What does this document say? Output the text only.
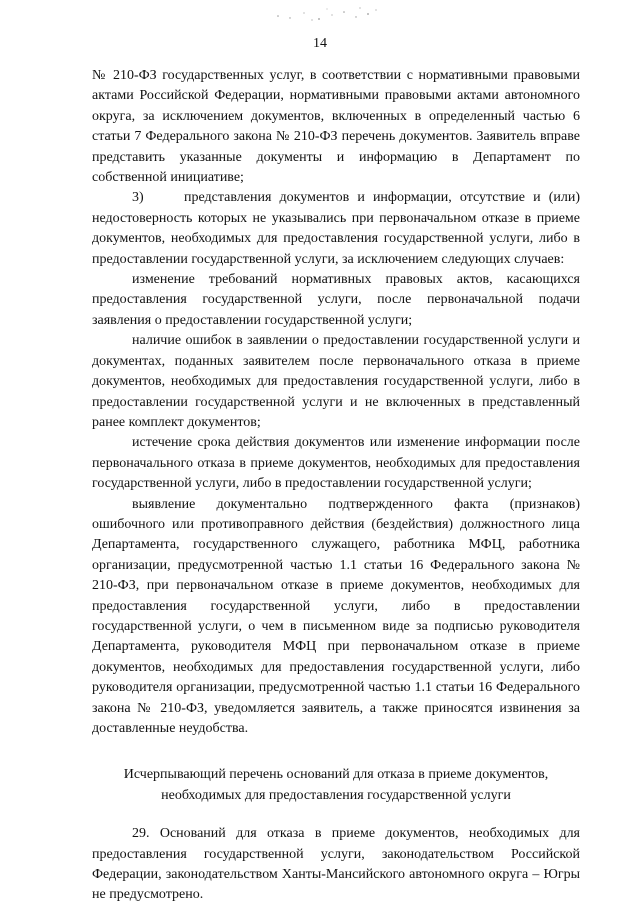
14

№ 210-ФЗ государственных услуг, в соответствии с нормативными правовыми актами Российской Федерации, нормативными правовыми актами автономного округа, за исключением документов, включенных в определенный частью 6 статьи 7 Федерального закона № 210-ФЗ перечень документов. Заявитель вправе представить указанные документы и информацию в Департамент по собственной инициативе;

3)	представления документов и информации, отсутствие и (или) недостоверность которых не указывались при первоначальном отказе в приеме документов, необходимых для предоставления государственной услуги, либо в предоставлении государственной услуги, за исключением следующих случаев:

изменение требований нормативных правовых актов, касающихся предоставления государственной услуги, после первоначальной подачи заявления о предоставлении государственной услуги;

наличие ошибок в заявлении о предоставлении государственной услуги и документах, поданных заявителем после первоначального отказа в приеме документов, необходимых для предоставления государственной услуги, либо в предоставлении государственной услуги и не включенных в представленный ранее комплект документов;

истечение срока действия документов или изменение информации после первоначального отказа в приеме документов, необходимых для предоставления государственной услуги, либо в предоставлении государственной услуги;

выявление документально подтвержденного факта (признаков) ошибочного или противоправного действия (бездействия) должностного лица Департамента, государственного служащего, работника МФЦ, работника организации, предусмотренной частью 1.1 статьи 16 Федерального закона № 210-ФЗ, при первоначальном отказе в приеме документов, необходимых для предоставления государственной услуги, либо в предоставлении государственной услуги, о чем в письменном виде за подписью руководителя Департамента, руководителя МФЦ при первоначальном отказе в приеме документов, необходимых для предоставления государственной услуги, либо руководителя организации, предусмотренной частью 1.1 статьи 16 Федерального закона № 210-ФЗ, уведомляется заявитель, а также приносятся извинения за доставленные неудобства.

Исчерпывающий перечень оснований для отказа в приеме документов,
необходимых для предоставления государственной услуги

29. Оснований для отказа в приеме документов, необходимых для предоставления государственной услуги, законодательством Российской Федерации, законодательством Ханты-Мансийского автономного округа – Югры не предусмотрено.
